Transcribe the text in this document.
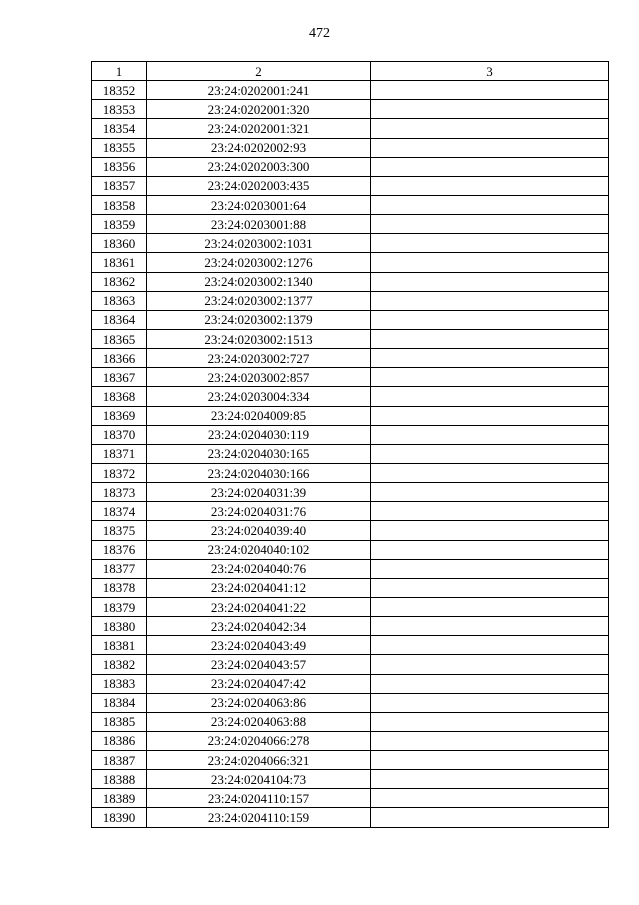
472
1	2	3
18352	23:24:0202001:241	
18353	23:24:0202001:320	
18354	23:24:0202001:321	
18355	23:24:0202002:93	
18356	23:24:0202003:300	
18357	23:24:0202003:435	
18358	23:24:0203001:64	
18359	23:24:0203001:88	
18360	23:24:0203002:1031	
18361	23:24:0203002:1276	
18362	23:24:0203002:1340	
18363	23:24:0203002:1377	
18364	23:24:0203002:1379	
18365	23:24:0203002:1513	
18366	23:24:0203002:727	
18367	23:24:0203002:857	
18368	23:24:0203004:334	
18369	23:24:0204009:85	
18370	23:24:0204030:119	
18371	23:24:0204030:165	
18372	23:24:0204030:166	
18373	23:24:0204031:39	
18374	23:24:0204031:76	
18375	23:24:0204039:40	
18376	23:24:0204040:102	
18377	23:24:0204040:76	
18378	23:24:0204041:12	
18379	23:24:0204041:22	
18380	23:24:0204042:34	
18381	23:24:0204043:49	
18382	23:24:0204043:57	
18383	23:24:0204047:42	
18384	23:24:0204063:86	
18385	23:24:0204063:88	
18386	23:24:0204066:278	
18387	23:24:0204066:321	
18388	23:24:0204104:73	
18389	23:24:0204110:157	
18390	23:24:0204110:159	
